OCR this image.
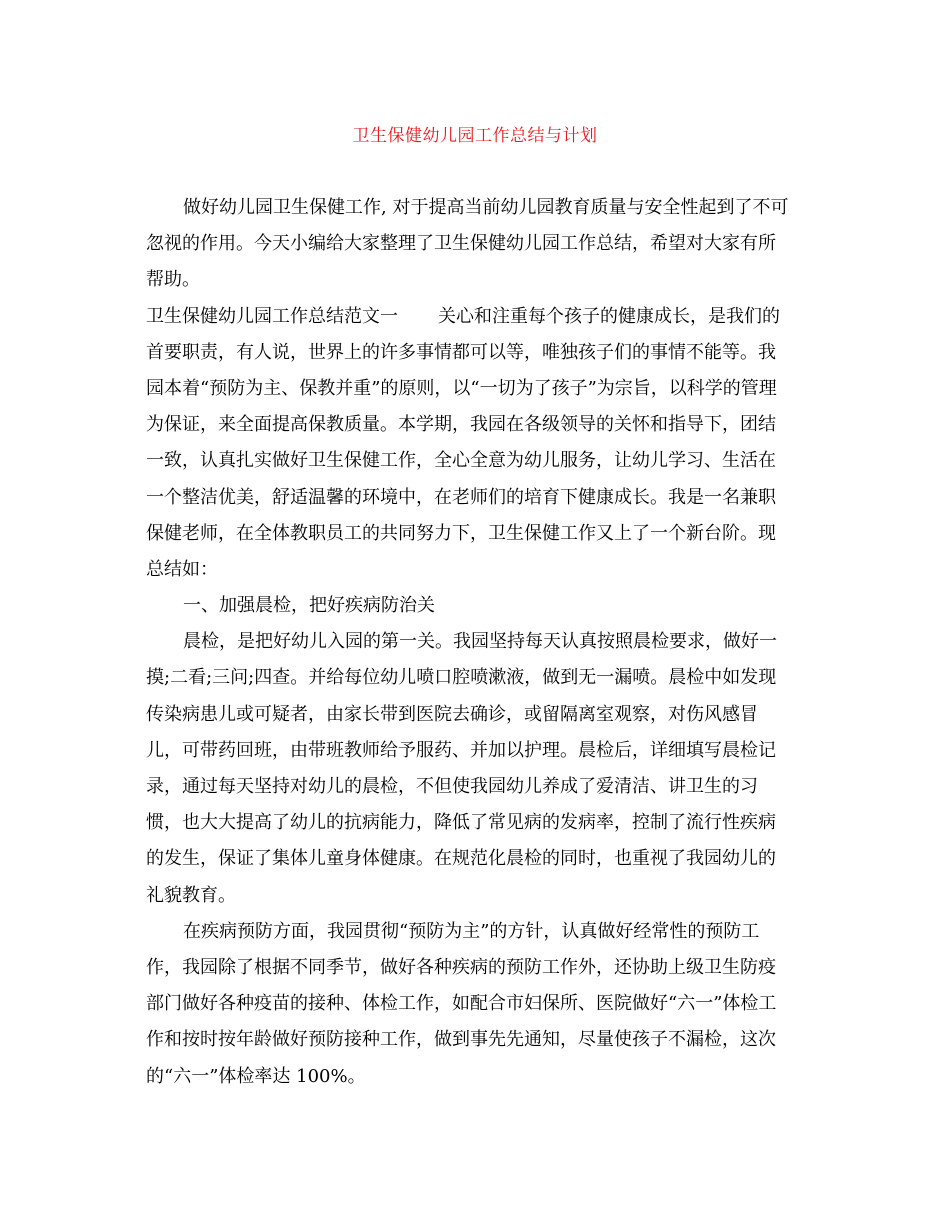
卫生保健幼儿园工作总结与计划
做好幼儿园卫生保健工作, 对于提高当前幼儿园教育质量与安全性起到了不可
忽视的作用。今天小编给大家整理了卫生保健幼儿园工作总结，希望对大家有所
帮助。
卫生保健幼儿园工作总结范文一 关心和注重每个孩子的健康成长，是我们的
首要职责，有人说，世界上的许多事情都可以等，唯独孩子们的事情不能等。我
园本着“预防为主、保教并重”的原则，以“一切为了孩子”为宗旨，以科学的管理
为保证，来全面提高保教质量。本学期，我园在各级领导的关怀和指导下，团结
一致，认真扎实做好卫生保健工作，全心全意为幼儿服务，让幼儿学习、生活在
一个整洁优美，舒适温馨的环境中，在老师们的培育下健康成长。我是一名兼职
保健老师，在全体教职员工的共同努力下，卫生保健工作又上了一个新台阶。现
总结如：
一、加强晨检，把好疾病防治关
晨检，是把好幼儿入园的第一关。我园坚持每天认真按照晨检要求，做好一
摸;二看;三问;四查。并给每位幼儿喷口腔喷漱液，做到无一漏喷。晨检中如发现
传染病患儿或可疑者，由家长带到医院去确诊，或留隔离室观察，对伤风感冒
儿，可带药回班，由带班教师给予服药、并加以护理。晨检后，详细填写晨检记
录，通过每天坚持对幼儿的晨检，不但使我园幼儿养成了爱清洁、讲卫生的习
惯，也大大提高了幼儿的抗病能力，降低了常见病的发病率，控制了流行性疾病
的发生，保证了集体儿童身体健康。在规范化晨检的同时，也重视了我园幼儿的
礼貌教育。
在疾病预防方面，我园贯彻“预防为主”的方针，认真做好经常性的预防工
作，我园除了根据不同季节，做好各种疾病的预防工作外，还协助上级卫生防疫
部门做好各种疫苗的接种、体检工作，如配合市妇保所、医院做好“六一”体检工
作和按时按年龄做好预防接种工作，做到事先先通知，尽量使孩子不漏检，这次
的“六一”体检率达 100%。
